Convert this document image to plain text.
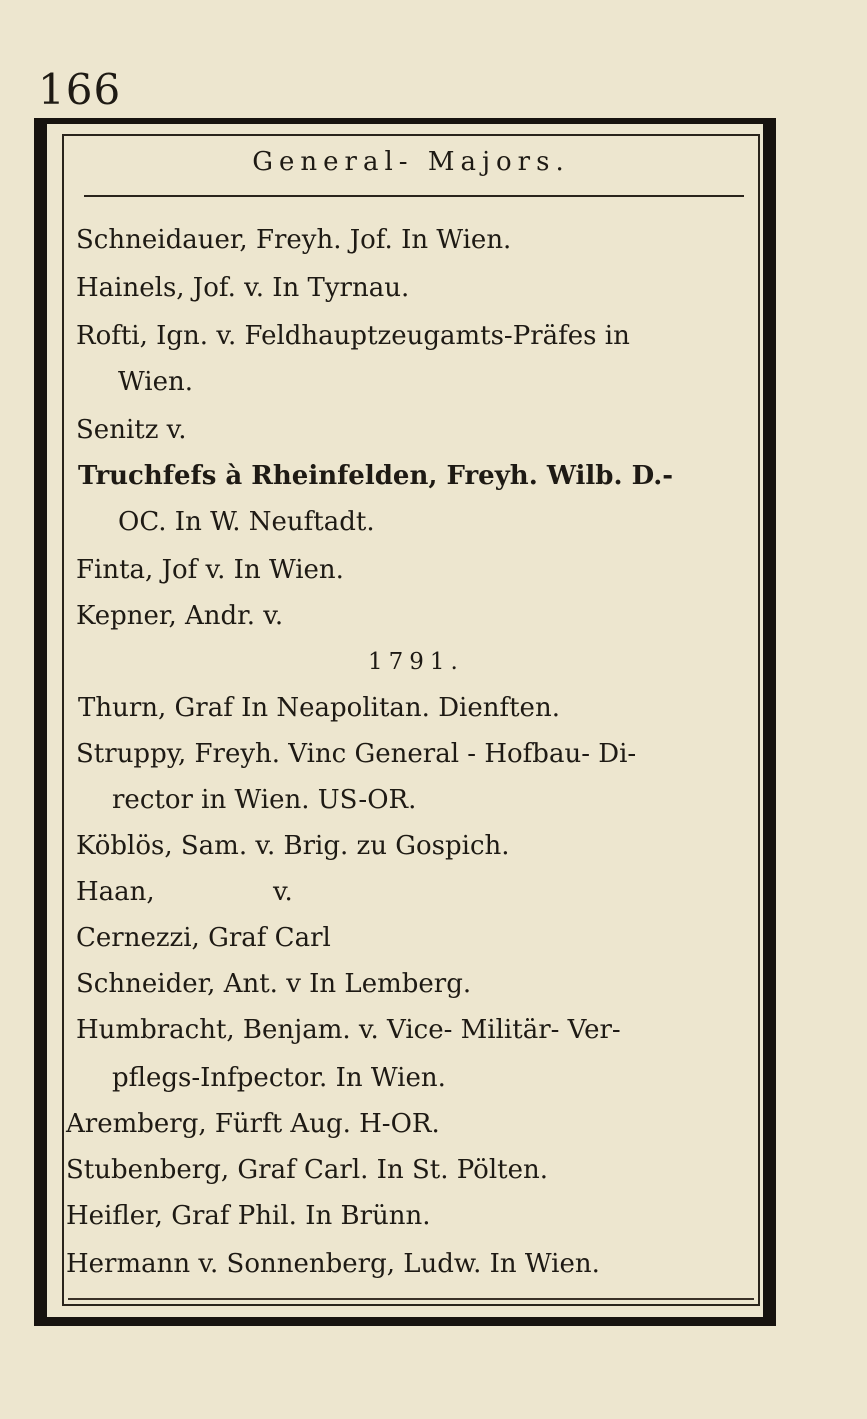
166
General- Majors.
Schneidauer, Freyh. Jof. In Wien.
Hainels, Jof. v. In Tyrnau.
Rofti, Ign. v. Feldhauptzeugamts-Präfes in
Wien.
Senitz v.
Truchfefs à Rheinfelden, Freyh. Wilb. D.-
OC. In W. Neuftadt.
Finta, Jof v. In Wien.
Kepner, Andr. v.
1791.
Thurn, Graf In Neapolitan. Dienften.
Struppy, Freyh. Vinc General - Hofbau- Di-
rector in Wien. US-OR.
Köblös, Sam. v. Brig. zu Gospich.
Haan, v.
Cernezzi, Graf Carl
Schneider, Ant. v In Lemberg.
Humbracht, Benjam. v. Vice- Militär- Ver-
pflegs-Infpector. In Wien.
Aremberg, Fürft Aug. H-OR.
Stubenberg, Graf Carl. In St. Pölten.
Heifler, Graf Phil. In Brünn.
Hermann v. Sonnenberg, Ludw. In Wien.
